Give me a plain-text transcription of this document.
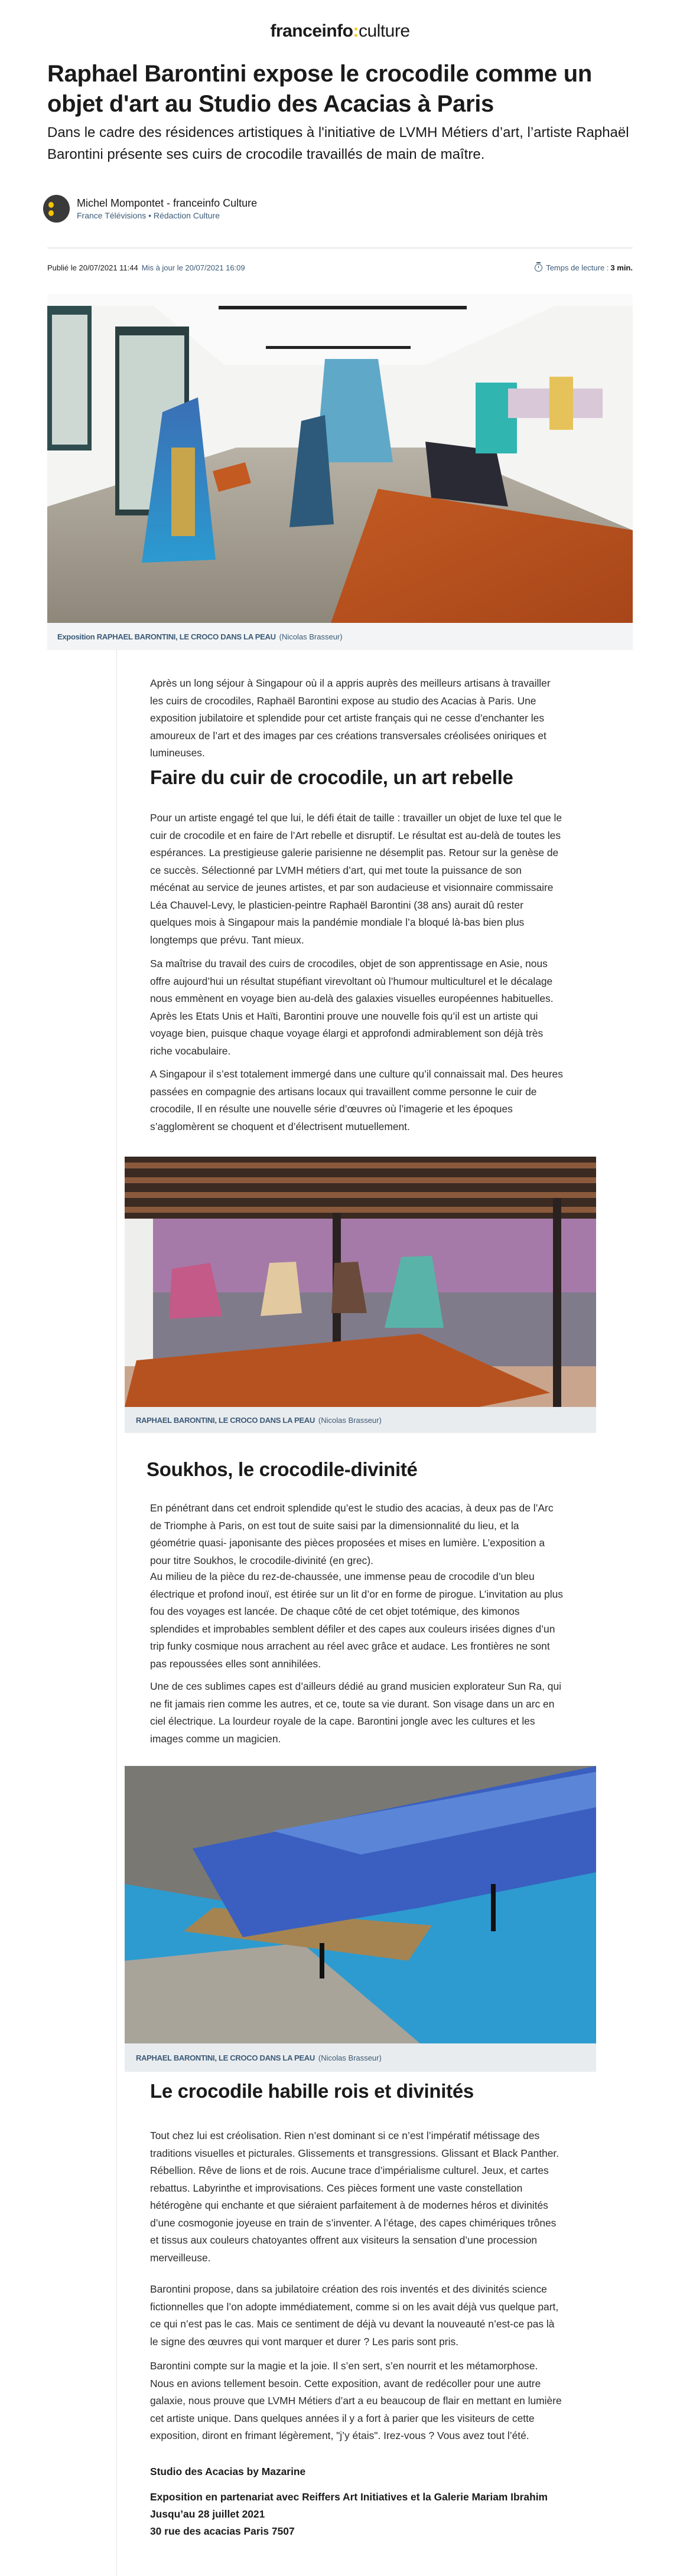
franceinfo:culture
Raphael Barontini expose le crocodile comme un objet d'art au Studio des Acacias à Paris

Dans le cadre des résidences artistiques à l'initiative de LVMH Métiers d’art, l’artiste Raphaël Barontini présente ses cuirs de crocodile travaillés de main de maître.

Michel Mompontet - franceinfo Culture
France Télévisions • Rédaction Culture
Publié le 20/07/2021 11:44 Mis à jour le 20/07/2021 16:09	Temps de lecture : 3 min.
Exposition RAPHAEL BARONTINI, LE CROCO DANS LA PEAU (Nicolas Brasseur)

Après un long séjour à Singapour où il a appris auprès des meilleurs artisans à travailler les cuirs de crocodiles, Raphaël Barontini expose au studio des Acacias à Paris. Une exposition jubilatoire et splendide pour cet artiste français qui ne cesse d’enchanter les amoureux de l’art et des images par ces créations transversales créolisées oniriques et lumineuses.

Faire du cuir de crocodile, un art rebelle

Pour un artiste engagé tel que lui, le défi était de taille : travailler un objet de luxe tel que le cuir de crocodile et en faire de l’Art rebelle et disruptif. Le résultat est au-delà de toutes les espérances. La prestigieuse galerie parisienne ne désemplit pas. Retour sur la genèse de ce succès. Sélectionné par LVMH métiers d’art, qui met toute la puissance de son mécénat au service de jeunes artistes, et par son audacieuse et visionnaire commissaire Léa Chauvel-Levy, le plasticien-peintre Raphaël Barontini (38 ans) aurait dû rester quelques mois à Singapour mais la pandémie mondiale l’a bloqué là-bas bien plus longtemps que prévu. Tant mieux.

Sa maîtrise du travail des cuirs de crocodiles, objet de son apprentissage en Asie, nous offre aujourd’hui un résultat stupéfiant virevoltant où l’humour multiculturel et le décalage nous emmènent en voyage bien au-delà des galaxies visuelles européennes habituelles. Après les Etats Unis et Haïti, Barontini prouve une nouvelle fois qu’il est un artiste qui voyage bien, puisque chaque voyage élargi et approfondi admirablement son déjà très riche vocabulaire.

A Singapour il s’est totalement immergé dans une culture qu’il connaissait mal. Des heures passées en compagnie des artisans locaux qui travaillent comme personne le cuir de crocodile, Il en résulte une nouvelle série d’œuvres où l’imagerie et les époques s’agglomèrent se choquent et d’électrisent mutuellement.

RAPHAEL BARONTINI, LE CROCO DANS LA PEAU (Nicolas Brasseur)
Soukhos, le crocodile-divinité

En pénétrant dans cet endroit splendide qu’est le studio des acacias, à deux pas de l’Arc de Triomphe à Paris, on est tout de suite saisi par la dimensionnalité du lieu, et la géométrie quasi- japonisante des pièces proposées et mises en lumière. L’exposition a pour titre Soukhos, le crocodile-divinité (en grec).

Au milieu de la pièce du rez-de-chaussée, une immense peau de crocodile d’un bleu électrique et profond inouï, est étirée sur un lit d’or en forme de pirogue. L’invitation au plus fou des voyages est lancée. De chaque côté de cet objet totémique, des kimonos splendides et improbables semblent défiler et des capes aux couleurs irisées dignes d’un trip funky cosmique nous arrachent au réel avec grâce et audace. Les frontières ne sont pas repoussées elles sont annihilées.

Une de ces sublimes capes est d’ailleurs dédié au grand musicien explorateur Sun Ra, qui ne fit jamais rien comme les autres, et ce, toute sa vie durant. Son visage dans un arc en ciel électrique. La lourdeur royale de la cape. Barontini jongle avec les cultures et les images comme un magicien.

RAPHAEL BARONTINI, LE CROCO DANS LA PEAU (Nicolas Brasseur)
Le crocodile habille rois et divinités

Tout chez lui est créolisation. Rien n’est dominant si ce n’est l’impératif métissage des traditions visuelles et picturales. Glissements et transgressions. Glissant et Black Panther. Rébellion. Rêve de lions et de rois. Aucune trace d’impérialisme culturel. Jeux, et cartes rebattus. Labyrinthe et improvisations. Ces pièces forment une vaste constellation hétérogène qui enchante et que siéraient parfaitement à de modernes héros et divinités d’une cosmogonie joyeuse en train de s’inventer. A l’étage, des capes chimériques trônes et tissus aux couleurs chatoyantes offrent aux visiteurs la sensation d’une procession merveilleuse.

Barontini propose, dans sa jubilatoire création des rois inventés et des divinités science fictionnelles que l’on adopte immédiatement, comme si on les avait déjà vus quelque part, ce qui n’est pas le cas. Mais ce sentiment de déjà vu devant la nouveauté n’est-ce pas là le signe des œuvres qui vont marquer et durer ? Les paris sont pris.

Barontini compte sur la magie et la joie. Il s’en sert, s’en nourrit et les métamorphose. Nous en avions tellement besoin. Cette exposition, avant de redécoller pour une autre galaxie, nous prouve que LVMH Métiers d’art a eu beaucoup de flair en mettant en lumière cet artiste unique. Dans quelques années il y a fort à parier que les visiteurs de cette exposition, diront en frimant légèrement, "j’y étais". Irez-vous ? Vous avez tout l’été.

Studio des Acacias by Mazarine

Exposition en partenariat avec Reiffers Art Initiatives et la Galerie Mariam Ibrahim

Jusqu’au 28 juillet 2021

30 rue des acacias Paris 7507
